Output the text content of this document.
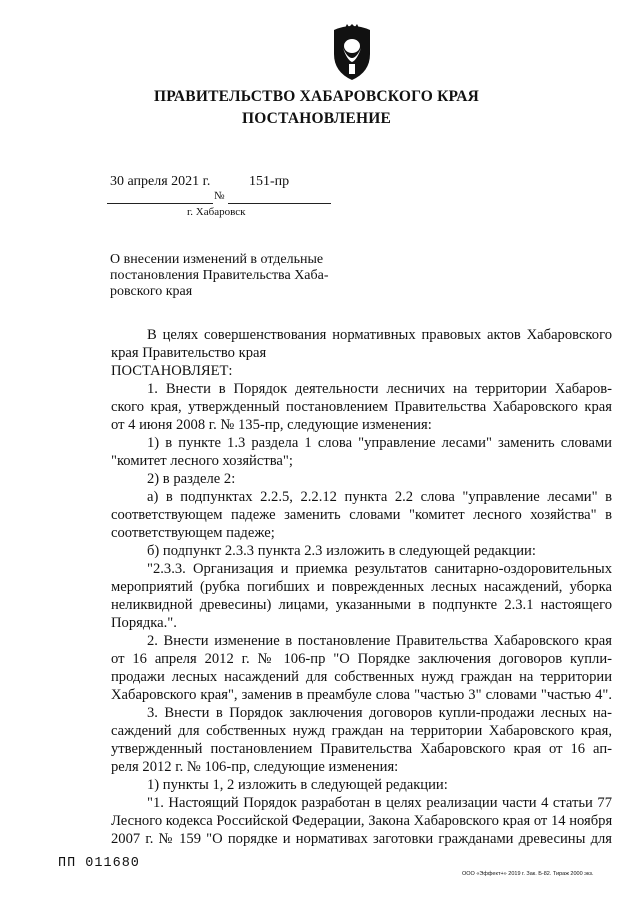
ПРАВИТЕЛЬСТВО ХАБАРОВСКОГО КРАЯ
ПОСТАНОВЛЕНИЕ
30 апреля 2021 г.	151-пр
№
г. Хабаровск
О внесении изменений в отдельные
постановления Правительства Хаба-
ровского края
В целях совершенствования нормативных правовых актов Хабаровского
края Правительство края
ПОСТАНОВЛЯЕТ:
1. Внести в Порядок деятельности лесничих на территории Хабаров-
ского края, утвержденный постановлением Правительства Хабаровского края
от 4 июня 2008 г. № 135-пр, следующие изменения:
1) в пункте 1.3 раздела 1 слова "управление лесами" заменить словами
"комитет лесного хозяйства";
2) в разделе 2:
а) в подпунктах 2.2.5, 2.2.12 пункта 2.2 слова "управление лесами" в
соответствующем падеже заменить словами "комитет лесного хозяйства" в
соответствующем падеже;
б) подпункт 2.3.3 пункта 2.3 изложить в следующей редакции:
"2.3.3. Организация и приемка результатов санитарно-оздоровительных
мероприятий (рубка погибших и поврежденных лесных насаждений, уборка
неликвидной древесины) лицами, указанными в подпункте 2.3.1 настоящего
Порядка.".
2. Внести изменение в постановление Правительства Хабаровского края
от 16 апреля 2012 г. № 106-пр "О Порядке заключения договоров купли-
продажи лесных насаждений для собственных нужд граждан на территории
Хабаровского края", заменив в преамбуле слова "частью 3" словами "частью 4".
3. Внести в Порядок заключения договоров купли-продажи лесных на-
саждений для собственных нужд граждан на территории Хабаровского края,
утвержденный постановлением Правительства Хабаровского края от 16 ап-
реля 2012 г. № 106-пр, следующие изменения:
1) пункты 1, 2 изложить в следующей редакции:
"1. Настоящий Порядок разработан в целях реализации части 4 статьи 77
Лесного кодекса Российской Федерации, Закона Хабаровского края от 14 ноября
2007 г. № 159 "О порядке и нормативах заготовки гражданами древесины для
ПП 011680
ООО «Эффект+» 2019 г. Зак. Б-82. Тираж 2000 экз.
